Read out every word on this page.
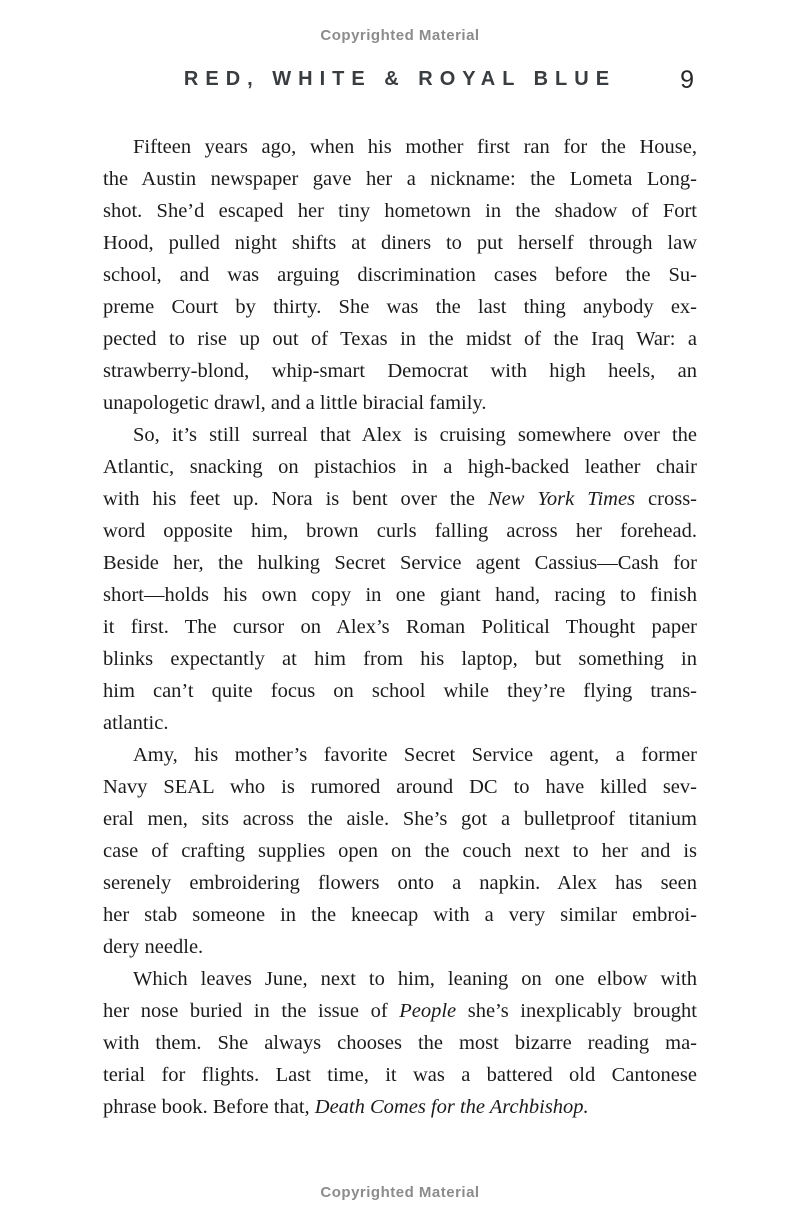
Copyrighted Material
RED, WHITE & ROYAL BLUE	9
Fifteen years ago, when his mother first ran for the House,
the Austin newspaper gave her a nickname: the Lometa Long-
shot. She’d escaped her tiny hometown in the shadow of Fort
Hood, pulled night shifts at diners to put herself through law
school, and was arguing discrimination cases before the Su-
preme Court by thirty. She was the last thing anybody ex-
pected to rise up out of Texas in the midst of the Iraq War: a
strawberry-blond, whip-smart Democrat with high heels, an
unapologetic drawl, and a little biracial family.
So, it’s still surreal that Alex is cruising somewhere over the
Atlantic, snacking on pistachios in a high-backed leather chair
with his feet up. Nora is bent over the New York Times cross-
word opposite him, brown curls falling across her forehead.
Beside her, the hulking Secret Service agent Cassius—Cash for
short—holds his own copy in one giant hand, racing to finish
it first. The cursor on Alex’s Roman Political Thought paper
blinks expectantly at him from his laptop, but something in
him can’t quite focus on school while they’re flying trans-
atlantic.
Amy, his mother’s favorite Secret Service agent, a former
Navy SEAL who is rumored around DC to have killed sev-
eral men, sits across the aisle. She’s got a bulletproof titanium
case of crafting supplies open on the couch next to her and is
serenely embroidering flowers onto a napkin. Alex has seen
her stab someone in the kneecap with a very similar embroi-
dery needle.
Which leaves June, next to him, leaning on one elbow with
her nose buried in the issue of People she’s inexplicably brought
with them. She always chooses the most bizarre reading ma-
terial for flights. Last time, it was a battered old Cantonese
phrase book. Before that, Death Comes for the Archbishop.
Copyrighted Material
